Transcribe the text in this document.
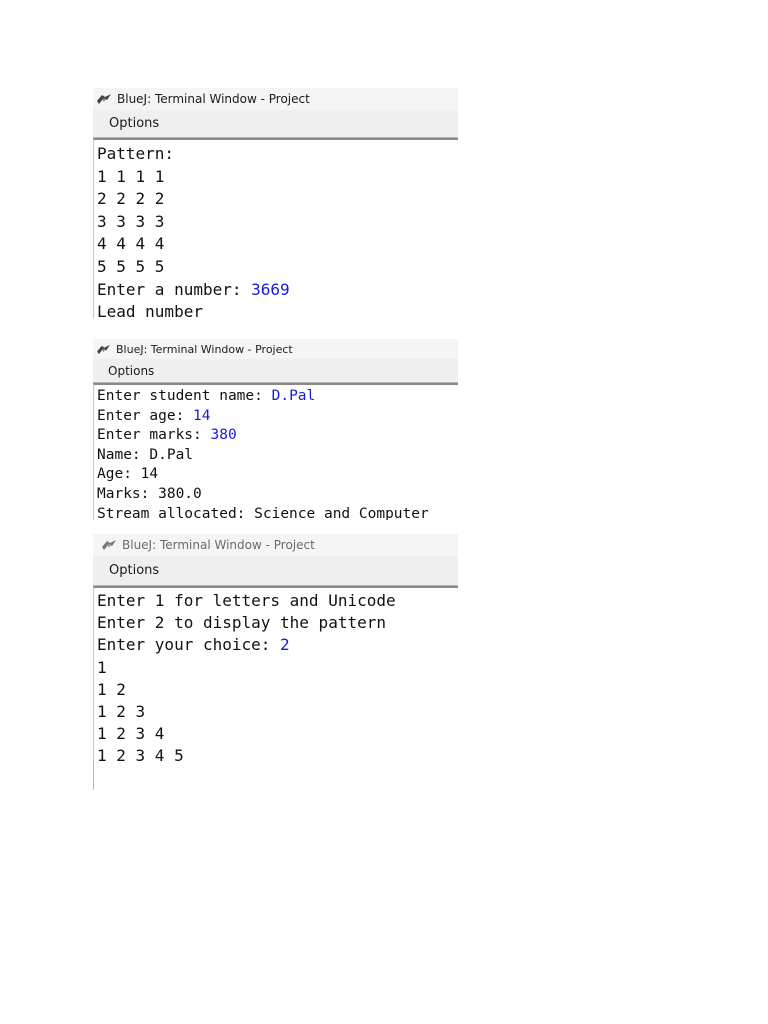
BlueJ: Terminal Window - Project
Options
Pattern:
1 1 1 1
2 2 2 2
3 3 3 3
4 4 4 4
5 5 5 5
Enter a number: 3669
Lead number
BlueJ: Terminal Window - Project
Options
Enter student name: D.Pal
Enter age: 14
Enter marks: 380
Name: D.Pal
Age: 14
Marks: 380.0
Stream allocated: Science and Computer
BlueJ: Terminal Window - Project
Options
Enter 1 for letters and Unicode
Enter 2 to display the pattern
Enter your choice: 2
1
1 2
1 2 3
1 2 3 4
1 2 3 4 5
